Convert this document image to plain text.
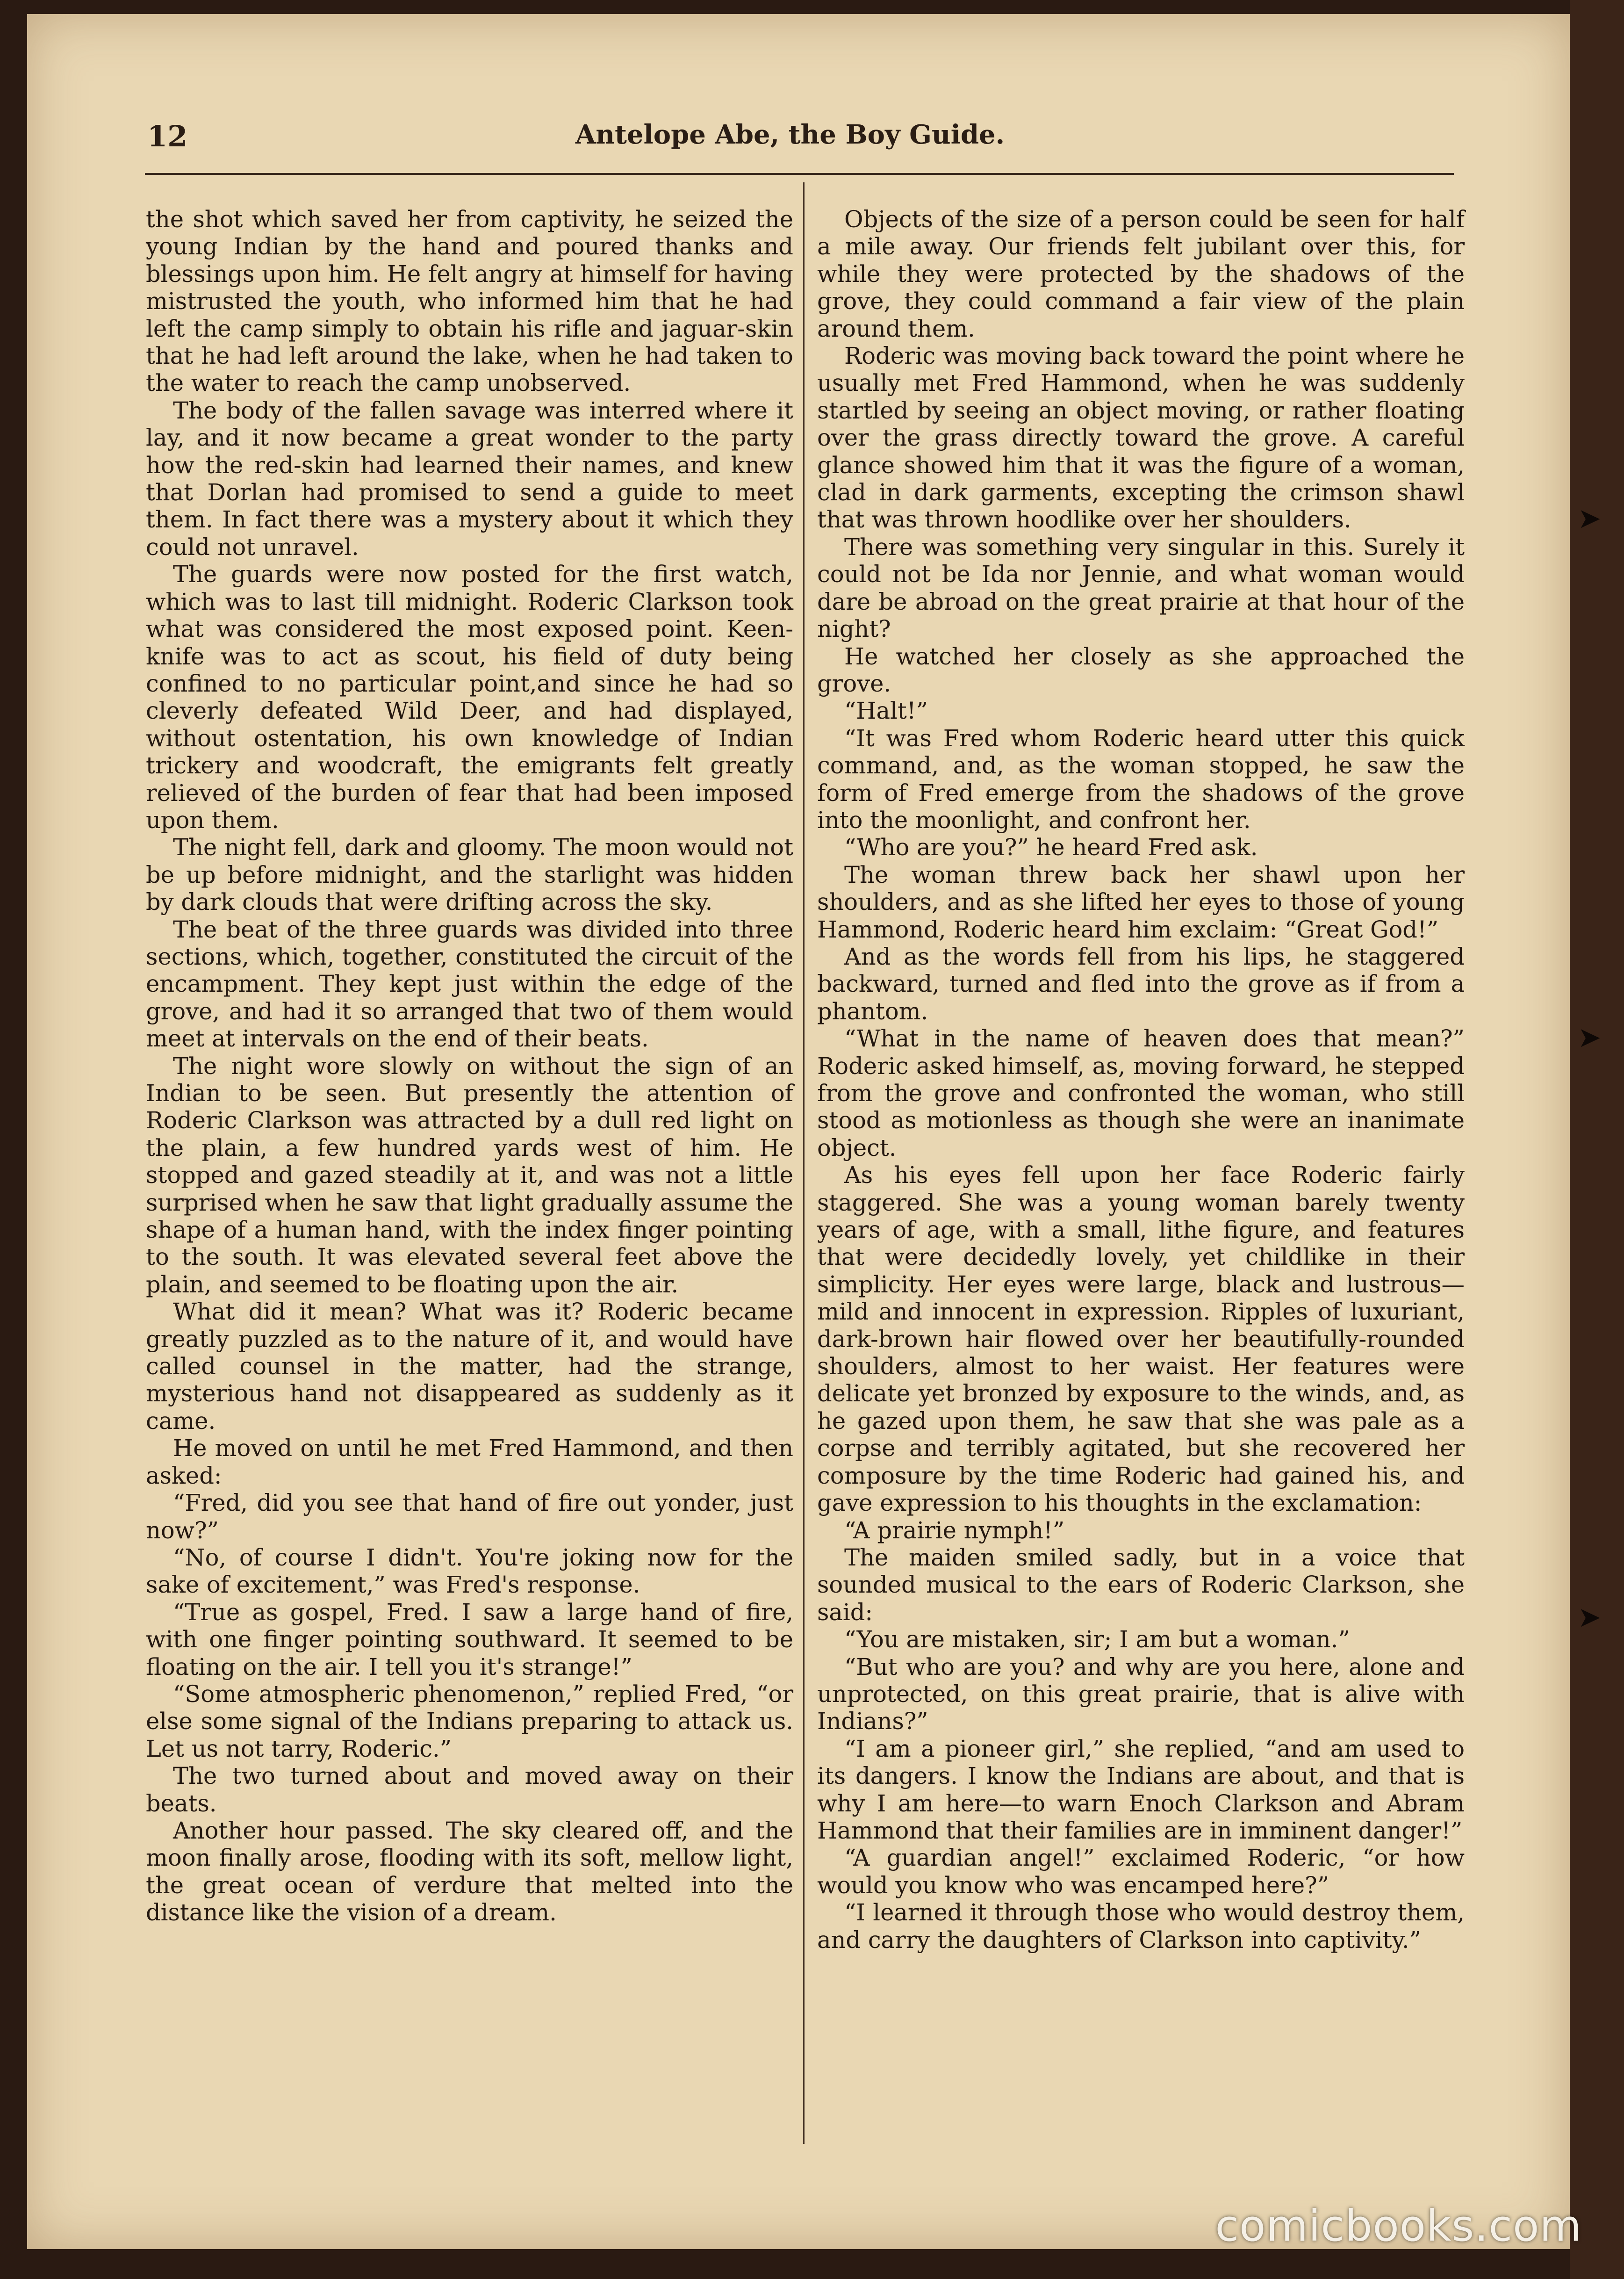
12	Antelope Abe, the Boy Guide.

the shot which saved her from captivity, he seized the young Indian by the hand and poured thanks and blessings upon him. He felt angry at himself for having mistrusted the youth, who informed him that he had left the camp simply to obtain his rifle and jaguar-skin that he had left around the lake, when he had taken to the water to reach the camp unobserved.

The body of the fallen savage was interred where it lay, and it now became a great wonder to the party how the red-skin had learned their names, and knew that Dorlan had promised to send a guide to meet them. In fact there was a mystery about it which they could not unravel.

The guards were now posted for the first watch, which was to last till midnight. Roderic Clarkson took what was considered the most exposed point. Keen-knife was to act as scout, his field of duty being confined to no particular point,and since he had so cleverly defeated Wild Deer, and had displayed, without ostentation, his own knowledge of Indian trickery and woodcraft, the emigrants felt greatly relieved of the burden of fear that had been imposed upon them.

The night fell, dark and gloomy. The moon would not be up before midnight, and the starlight was hidden by dark clouds that were drifting across the sky.

The beat of the three guards was divided into three sections, which, together, constituted the circuit of the encampment. They kept just within the edge of the grove, and had it so arranged that two of them would meet at intervals on the end of their beats.

The night wore slowly on without the sign of an Indian to be seen. But presently the attention of Roderic Clarkson was attracted by a dull red light on the plain, a few hundred yards west of him. He stopped and gazed steadily at it, and was not a little surprised when he saw that light gradually assume the shape of a human hand, with the index finger pointing to the south. It was elevated several feet above the plain, and seemed to be floating upon the air.

What did it mean? What was it? Roderic became greatly puzzled as to the nature of it, and would have called counsel in the matter, had the strange, mysterious hand not disappeared as suddenly as it came.

He moved on until he met Fred Hammond, and then asked:

“Fred, did you see that hand of fire out yonder, just now?”

“No, of course I didn't. You're joking now for the sake of excitement,” was Fred's response.

“True as gospel, Fred. I saw a large hand of fire, with one finger pointing southward. It seemed to be floating on the air. I tell you it's strange!”

“Some atmospheric phenomenon,” replied Fred, “or else some signal of the Indians preparing to attack us. Let us not tarry, Roderic.”

The two turned about and moved away on their beats.

Another hour passed. The sky cleared off, and the moon finally arose, flooding with its soft, mellow light, the great ocean of verdure that melted into the distance like the vision of a dream.

Objects of the size of a person could be seen for half a mile away. Our friends felt jubilant over this, for while they were protected by the shadows of the grove, they could command a fair view of the plain around them.

Roderic was moving back toward the point where he usually met Fred Hammond, when he was suddenly startled by seeing an object moving, or rather floating over the grass directly toward the grove. A careful glance showed him that it was the figure of a woman, clad in dark garments, excepting the crimson shawl that was thrown hoodlike over her shoulders.

There was something very singular in this. Surely it could not be Ida nor Jennie, and what woman would dare be abroad on the great prairie at that hour of the night?

He watched her closely as she approached the grove.

“Halt!”

“It was Fred whom Roderic heard utter this quick command, and, as the woman stopped, he saw the form of Fred emerge from the shadows of the grove into the moonlight, and confront her.

“Who are you?” he heard Fred ask.

The woman threw back her shawl upon her shoulders, and as she lifted her eyes to those of young Hammond, Roderic heard him exclaim: “Great God!”

And as the words fell from his lips, he staggered backward, turned and fled into the grove as if from a phantom.

“What in the name of heaven does that mean?” Roderic asked himself, as, moving forward, he stepped from the grove and confronted the woman, who still stood as motionless as though she were an inanimate object.

As his eyes fell upon her face Roderic fairly staggered. She was a young woman barely twenty years of age, with a small, lithe figure, and features that were decidedly lovely, yet childlike in their simplicity. Her eyes were large, black and lustrous—mild and innocent in expression. Ripples of luxuriant, dark-brown hair flowed over her beautifully-rounded shoulders, almost to her waist. Her features were delicate yet bronzed by exposure to the winds, and, as he gazed upon them, he saw that she was pale as a corpse and terribly agitated, but she recovered her composure by the time Roderic had gained his, and gave expression to his thoughts in the exclamation:

“A prairie nymph!”

The maiden smiled sadly, but in a voice that sounded musical to the ears of Roderic Clarkson, she said:

“You are mistaken, sir; I am but a woman.”

“But who are you? and why are you here, alone and unprotected, on this great prairie, that is alive with Indians?”

“I am a pioneer girl,” she replied, “and am used to its dangers. I know the Indians are about, and that is why I am here—to warn Enoch Clarkson and Abram Hammond that their families are in imminent danger!”

“A guardian angel!” exclaimed Roderic, “or how would you know who was encamped here?”

“I learned it through those who would destroy them, and carry the daughters of Clarkson into captivity.”

➤
➤
➤
comicbooks.com
